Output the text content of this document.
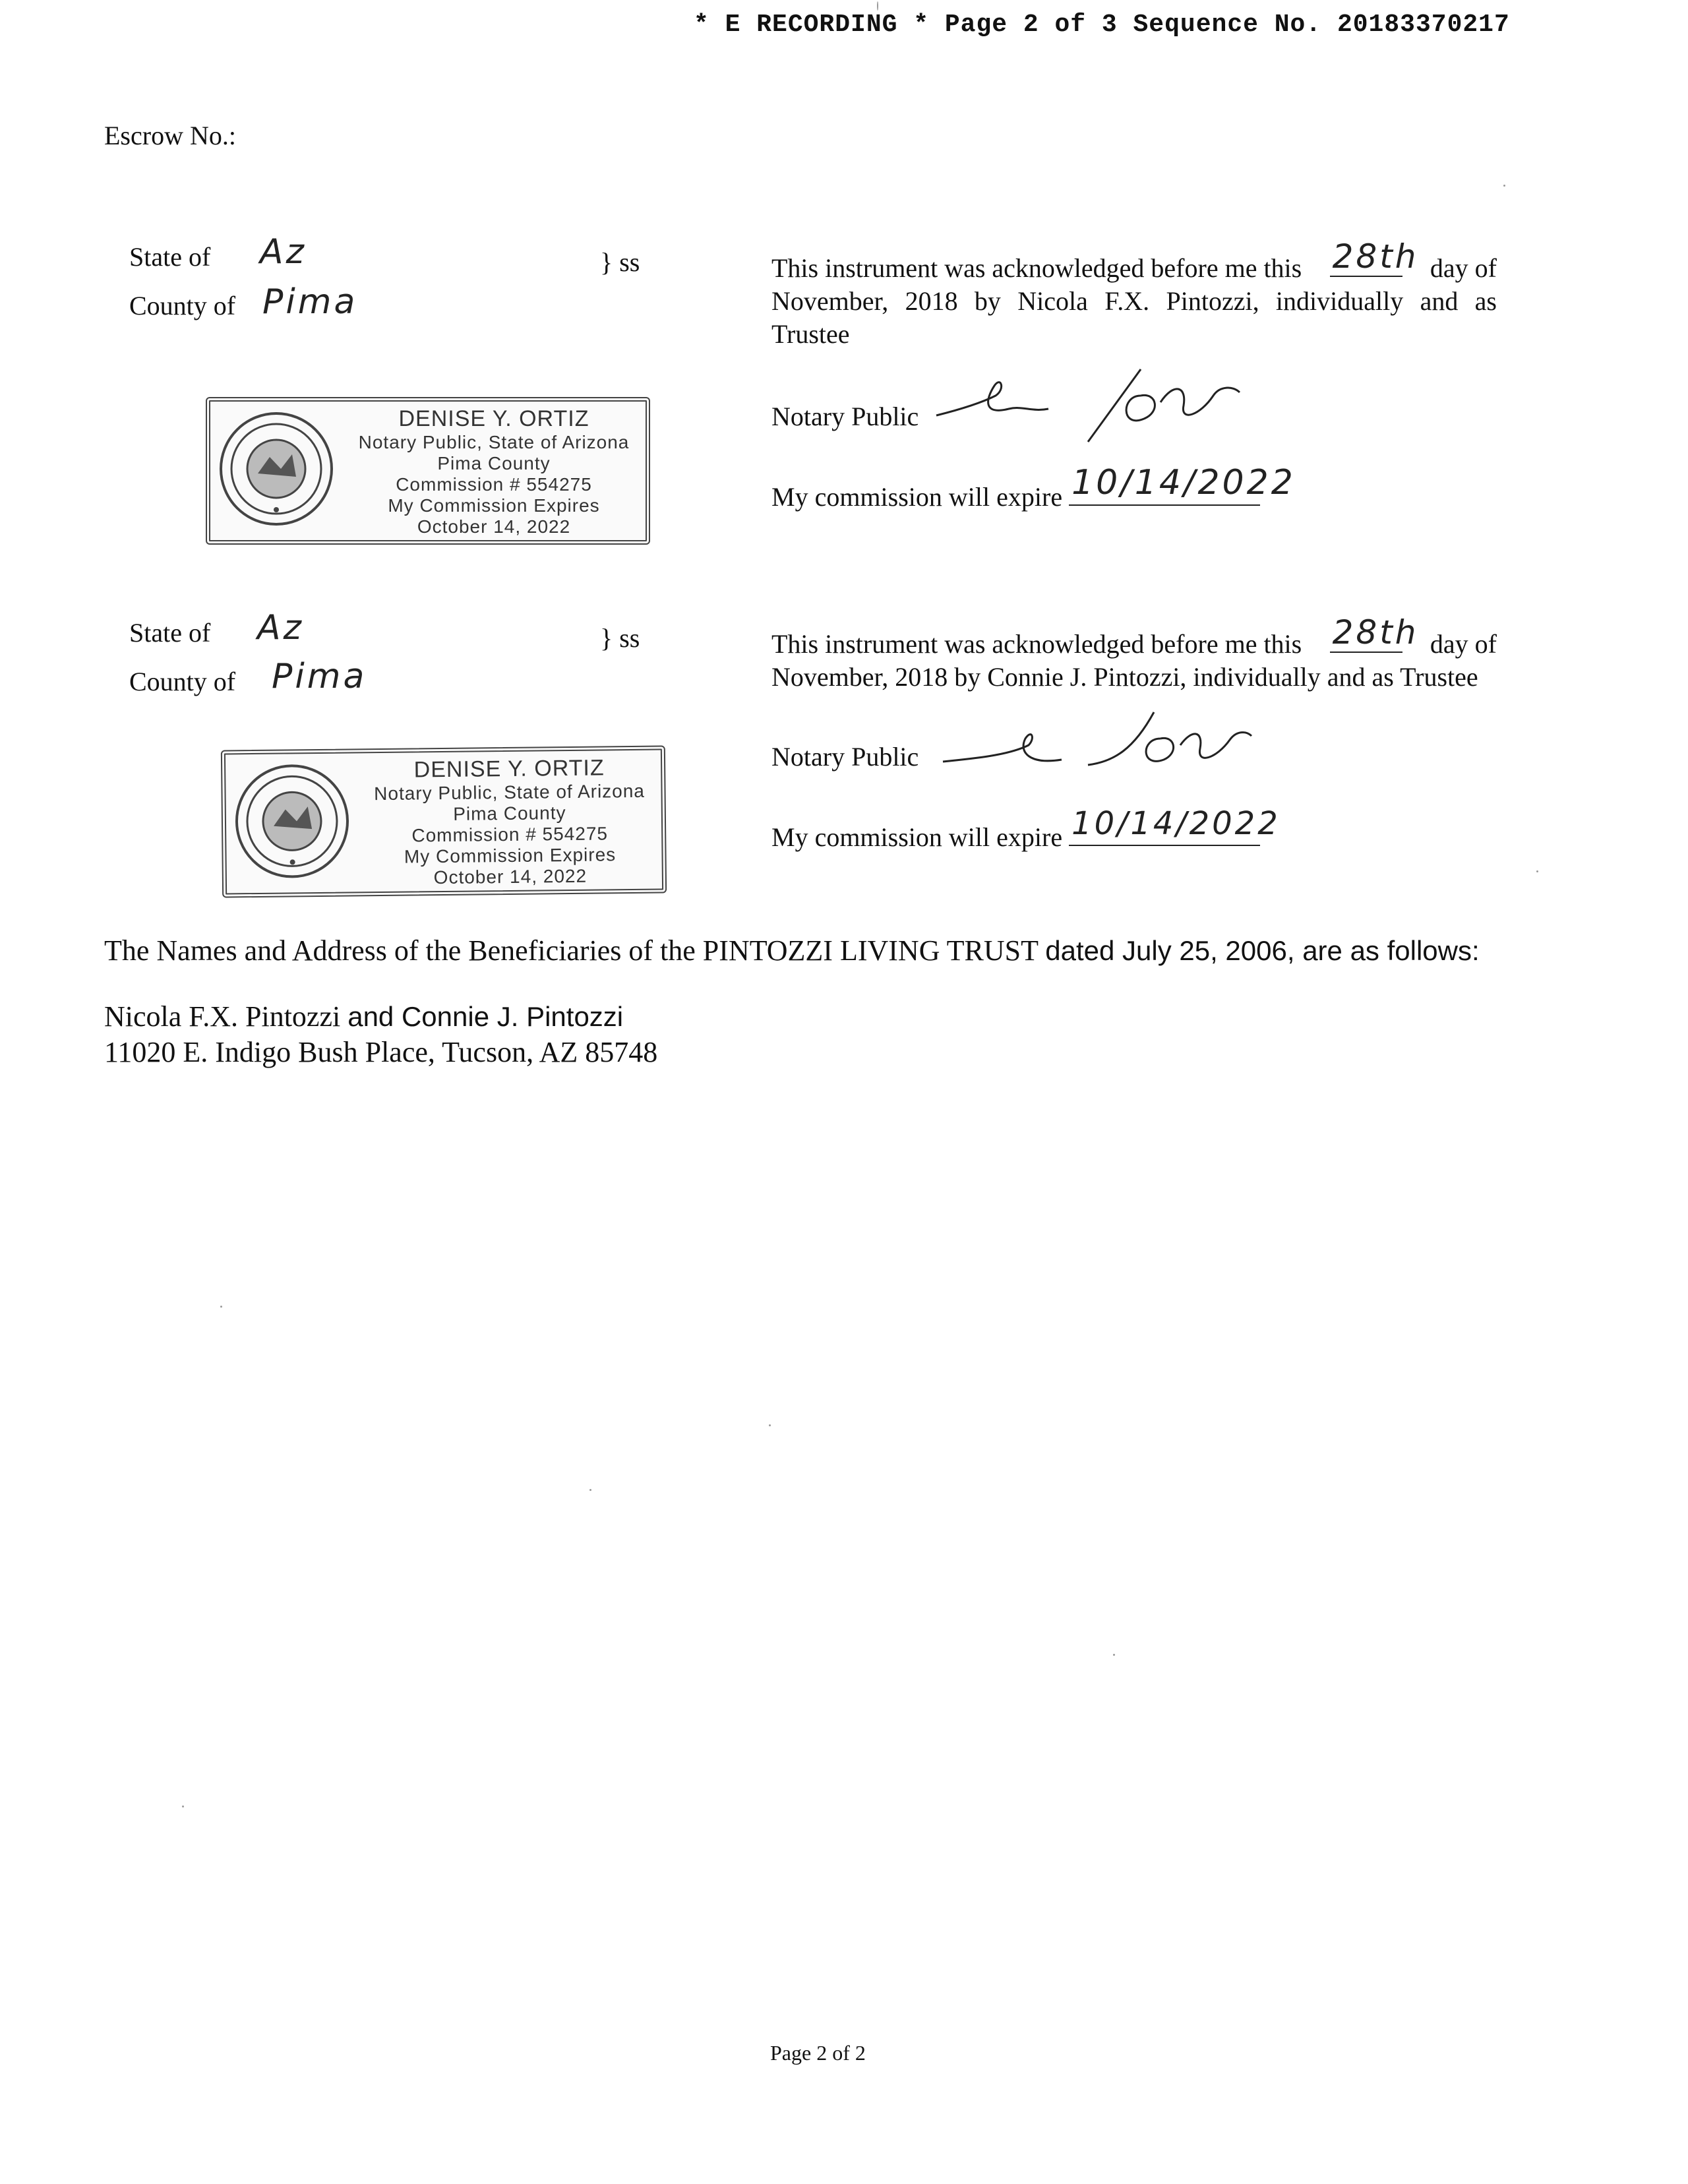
* E RECORDING * Page 2 of 3 Sequence No. 20183370217
Escrow No.:
State of Az
County of Pima
} ss	This instrument was acknowledged before me this 28th day of
November, 2018 by Nicola F.X. Pintozzi, individually and as Trustee
Notary Public
My commission will expire 10/14/2022
DENISE Y. ORTIZ
Notary Public, State of Arizona
Pima County
Commission # 554275
My Commission Expires
October 14, 2022
State of Az
County of Pima
} ss	This instrument was acknowledged before me this 28th day of
November, 2018 by Connie J. Pintozzi, individually and as Trustee
Notary Public
My commission will expire 10/14/2022
DENISE Y. ORTIZ
Notary Public, State of Arizona
Pima County
Commission # 554275
My Commission Expires
October 14, 2022
The Names and Address of the Beneficiaries of the PINTOZZI LIVING TRUST dated July 25, 2006, are as follows:
Nicola F.X. Pintozzi and Connie J. Pintozzi
11020 E. Indigo Bush Place, Tucson, AZ 85748
Page 2 of 2
